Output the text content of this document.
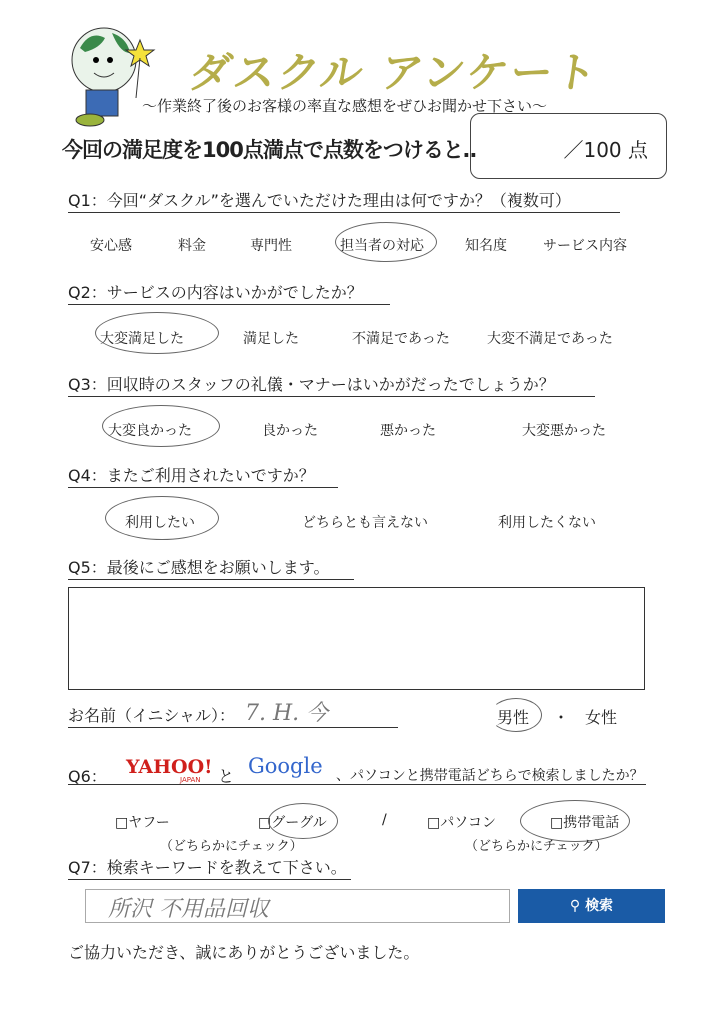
ダスクル アンケート
〜作業終了後のお客様の率直な感想をぜひお聞かせ下さい〜
今回の満足度を100点満点で点数をつけると‥	／100 点
Q1：今回“ダスクル”を選んでいただけた理由は何ですか？（複数可）
安心感	料金	専門性	担当者の対応	知名度	サービス内容
Q2：サービスの内容はいかがでしたか？
大変満足した	満足した	不満足であった	大変不満足であった
Q3：回収時のスタッフの礼儀・マナーはいかがだったでしょうか？
大変良かった	良かった	悪かった	大変悪かった
Q4：またご利用されたいですか？
利用したい	どちらとも言えない	利用したくない
Q5：最後にご感想をお願いします。
お名前（イニシャル）： 7. H. 今	男性 ・ 女性
Q6： YAHOO!
JAPAN と Google 、パソコンと携帯電話どちらで検索しましたか？
□ヤフー	□グーグル	/	□パソコン	□携帯電話
（どちらかにチェック）	（どちらかにチェック）
Q7：検索キーワードを教えて下さい。
所沢 不用品回収	⚲ 検索
ご協力いただき、誠にありがとうございました。
